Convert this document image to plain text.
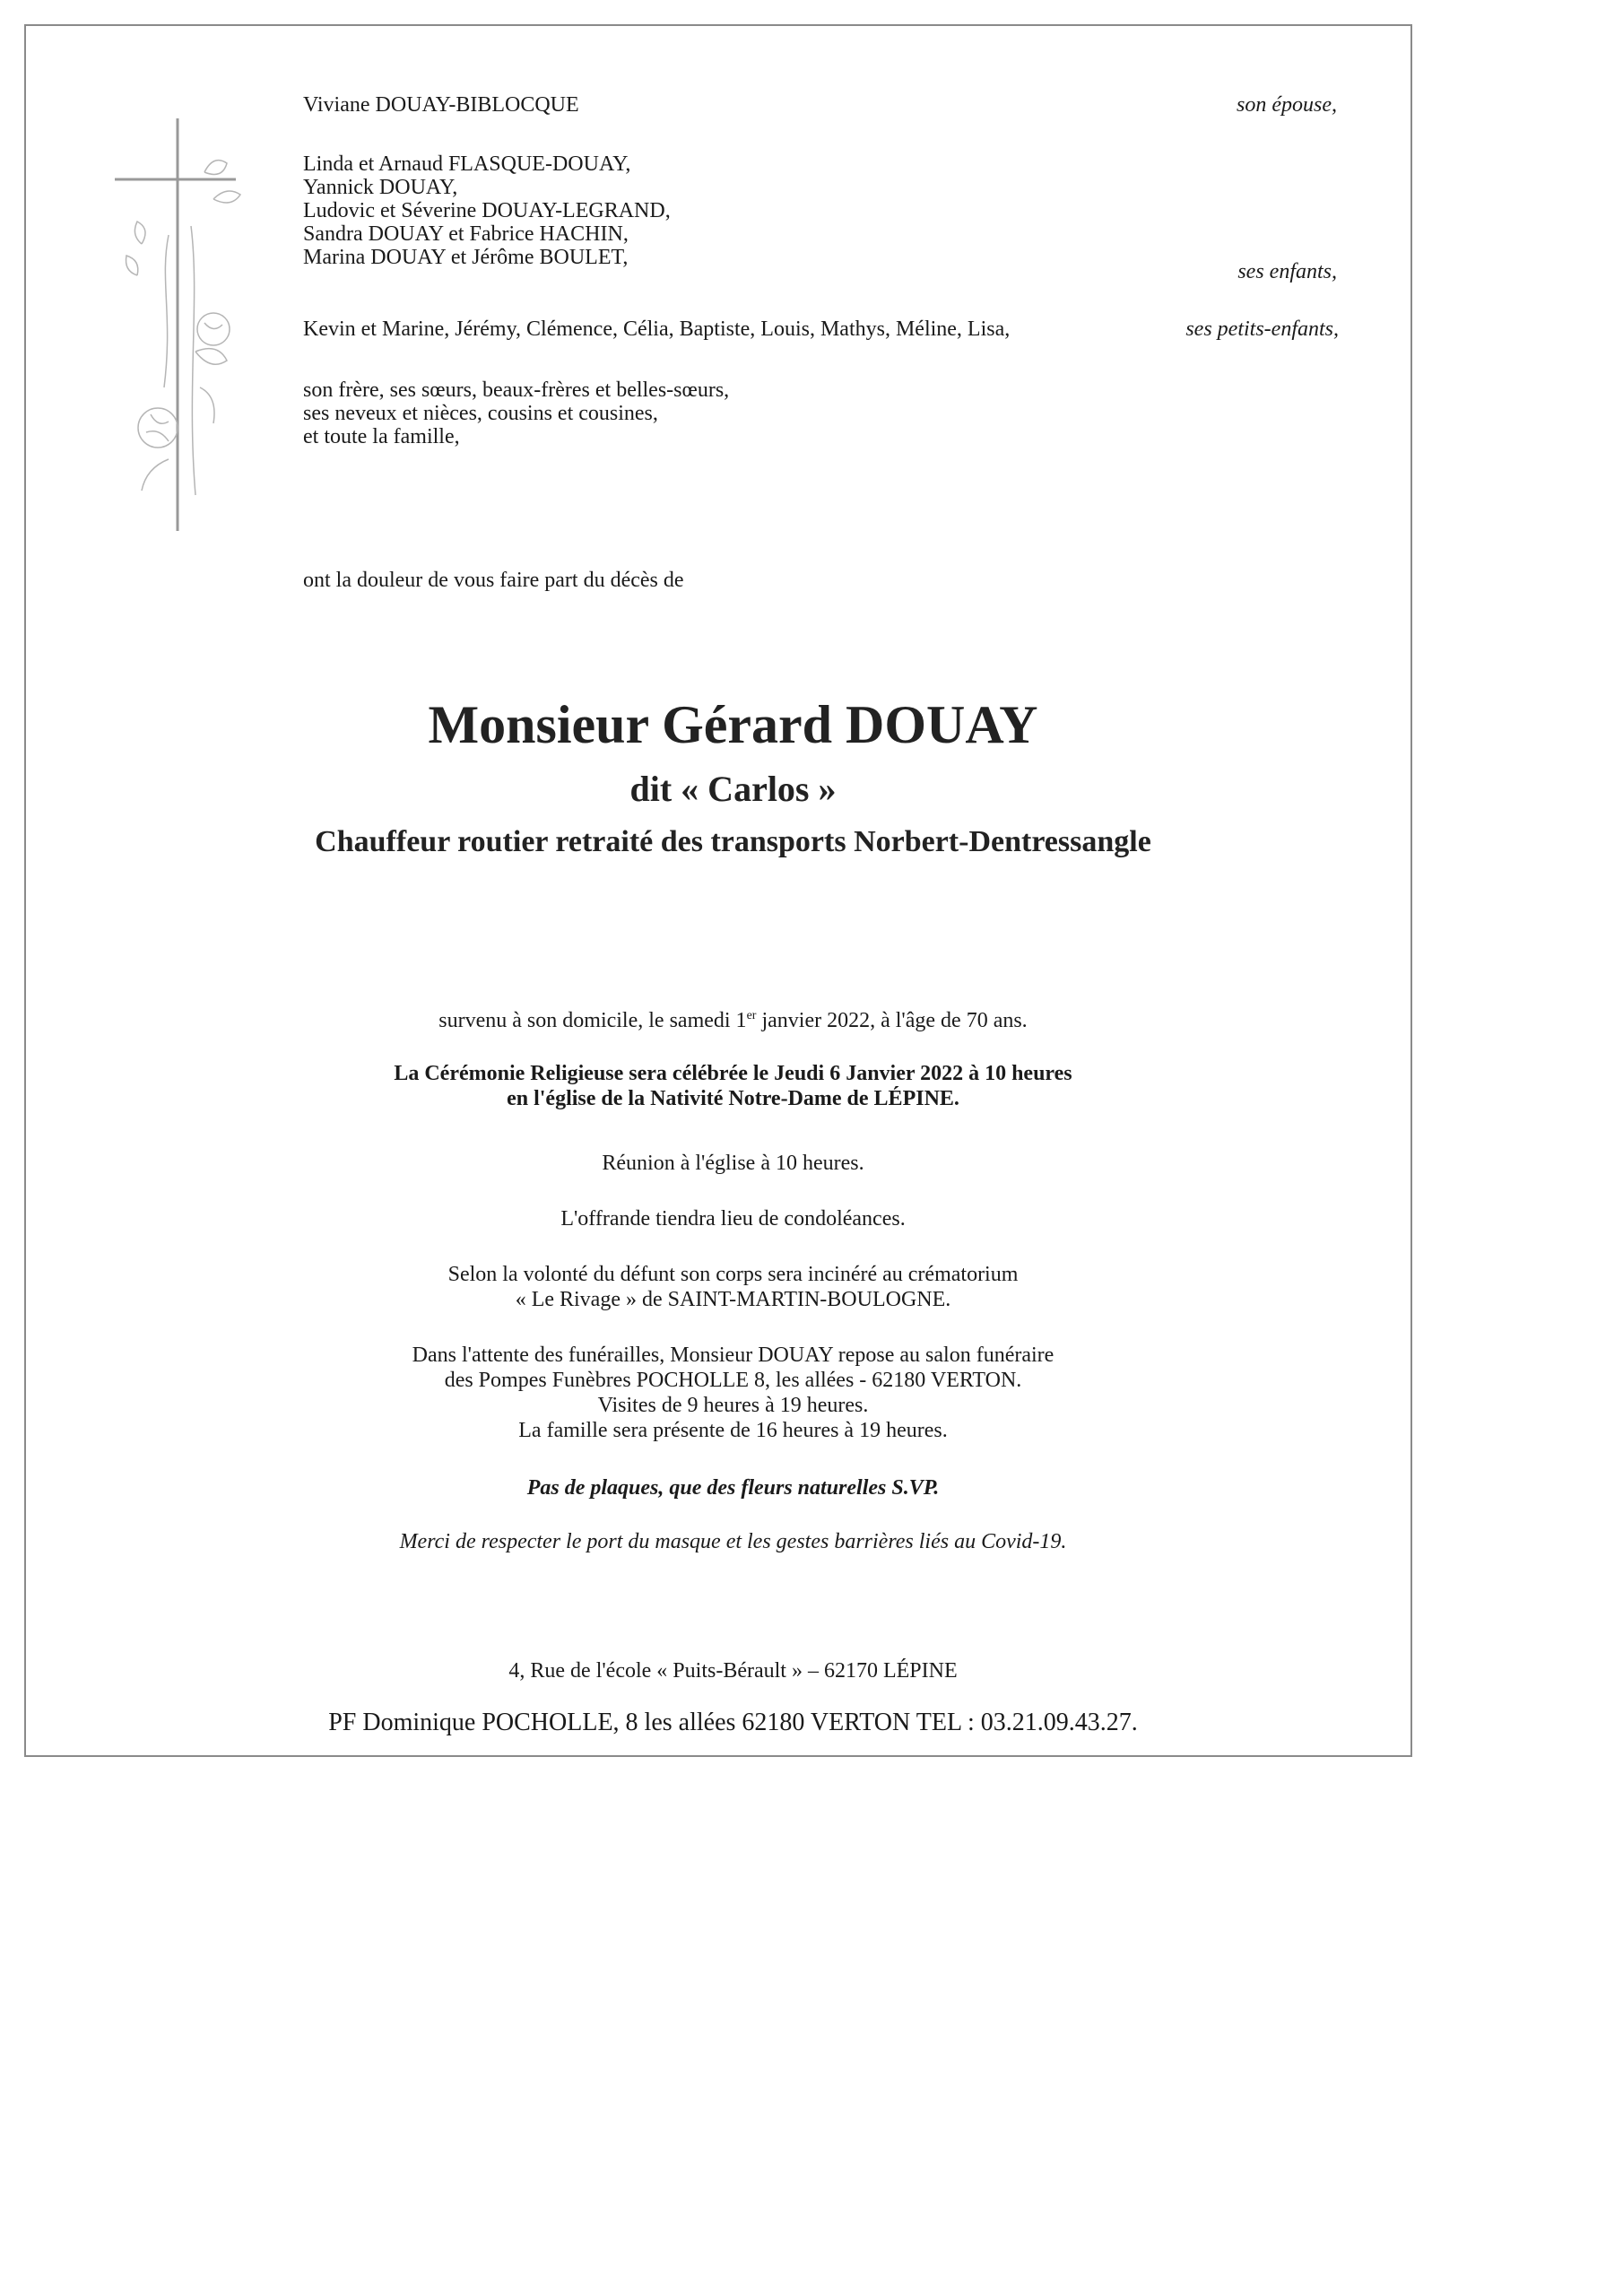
Viviane DOUAY-BIBLOCQUE	son épouse,
Linda et Arnaud FLASQUE-DOUAY,
Yannick DOUAY,
Ludovic et Séverine DOUAY-LEGRAND,
Sandra DOUAY et Fabrice HACHIN,
Marina DOUAY et Jérôme BOULET,
ses enfants,
Kevin et Marine, Jérémy, Clémence, Célia, Baptiste, Louis, Mathys, Méline, Lisa,	ses petits-enfants,
son frère, ses sœurs, beaux-frères et belles-sœurs,
ses neveux et nièces, cousins et cousines,
et toute la famille,
ont la douleur de vous faire part du décès de
Monsieur Gérard DOUAY
dit « Carlos »
Chauffeur routier retraité des transports Norbert-Dentressangle
survenu à son domicile, le samedi 1er janvier 2022, à l'âge de 70 ans.
La Cérémonie Religieuse sera célébrée le Jeudi 6 Janvier 2022 à 10 heures
en l'église de la Nativité Notre-Dame de LÉPINE.
Réunion à l'église à 10 heures.
L'offrande tiendra lieu de condoléances.
Selon la volonté du défunt son corps sera incinéré au crématorium
« Le Rivage » de SAINT-MARTIN-BOULOGNE.
Dans l'attente des funérailles, Monsieur DOUAY repose au salon funéraire
des Pompes Funèbres POCHOLLE 8, les allées - 62180 VERTON.
Visites de 9 heures à 19 heures.
La famille sera présente de 16 heures à 19 heures.
Pas de plaques, que des fleurs naturelles S.VP.
Merci de respecter le port du masque et les gestes barrières liés au Covid-19.
4, Rue de l'école « Puits-Bérault » – 62170 LÉPINE
PF Dominique POCHOLLE, 8 les allées 62180 VERTON TEL : 03.21.09.43.27.
